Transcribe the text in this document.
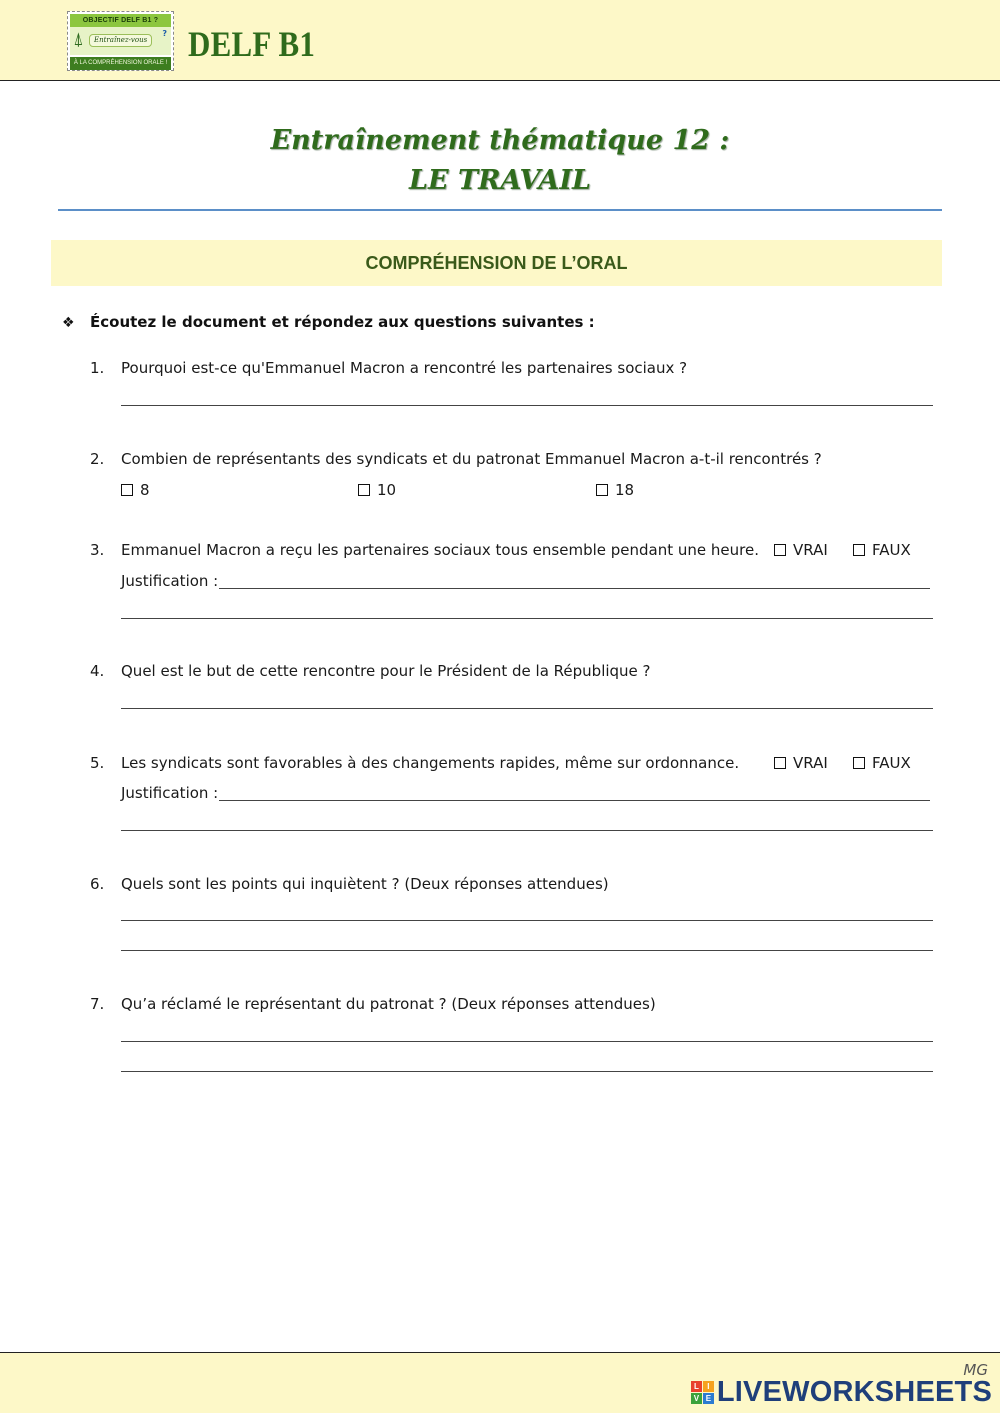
OBJECTIF DELF B1 ?
⍋	Entraînez-vous
?
À LA COMPRÉHENSION ORALE ! DELF B1
Entraînement thématique 12 :
LE TRAVAIL
COMPRÉHENSION DE L’ORAL
❖ Écoutez le document et répondez aux questions suivantes :
1. Pourquoi est-ce qu'Emmanuel Macron a rencontré les partenaires sociaux ?
2. Combien de représentants des syndicats et du patronat Emmanuel Macron a-t-il rencontrés ?
8	10	18
3. Emmanuel Macron a reçu les partenaires sociaux tous ensemble pendant une heure.	VRAI	FAUX
Justification :
4. Quel est le but de cette rencontre pour le Président de la République ?
5. Les syndicats sont favorables à des changements rapides, même sur ordonnance.	VRAI	FAUX
Justification :
6. Quels sont les points qui inquiètent ? (Deux réponses attendues)
7. Qu’a réclamé le représentant du patronat ? (Deux réponses attendues)
MG
L	I
V E LIVEWORKSHEETS
